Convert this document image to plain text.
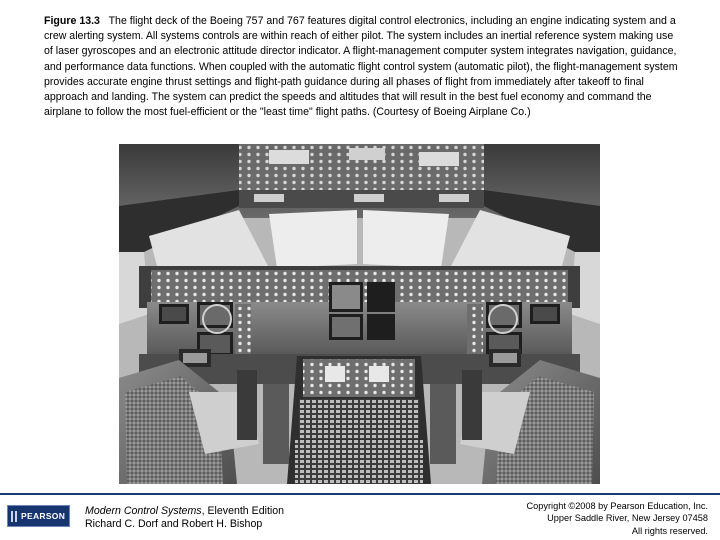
Figure 13.3 The flight deck of the Boeing 757 and 767 features digital control electronics, including an engine indicating system and a crew alerting system. All systems controls are within reach of either pilot. The system includes an inertial reference system making use of laser gyroscopes and an electronic attitude director indicator. A flight-management computer system integrates navigation, guidance, and performance data functions. When coupled with the automatic flight control system (automatic pilot), the flight-management system provides accurate engine thrust settings and flight-path guidance during all phases of flight from immediately after takeoff to final approach and landing. The system can predict the speeds and altitudes that will result in the best fuel economy and command the airplane to follow the most fuel-efficient or the "least time" flight paths. (Courtesy of Boeing Airplane Co.)
PEARSON Modern Control Systems, Eleventh Edition
Richard C. Dorf and Robert H. Bishop
Copyright ©2008 by Pearson Education, Inc.
Upper Saddle River, New Jersey 07458
All rights reserved.
